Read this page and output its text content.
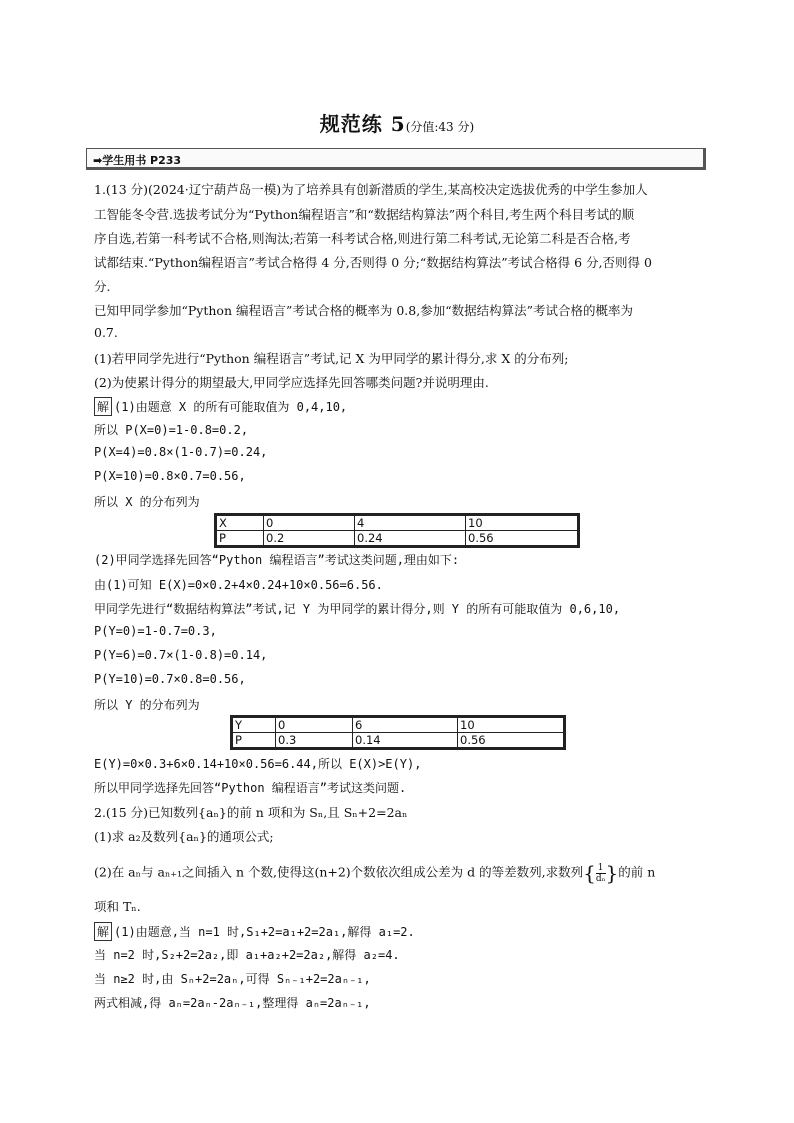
规范练 5(分值:43 分)
➡学生用书 P233
1.(13 分)(2024·辽宁葫芦岛一模)为了培养具有创新潜质的学生,某高校决定选拔优秀的中学生参加人
工智能冬令营.选拔考试分为“Python编程语言”和“数据结构算法”两个科目,考生两个科目考试的顺
序自选,若第一科考试不合格,则淘汰;若第一科考试合格,则进行第二科考试,无论第二科是否合格,考
试都结束.“Python编程语言”考试合格得 4 分,否则得 0 分;“数据结构算法”考试合格得 6 分,否则得 0
分.
已知甲同学参加“Python 编程语言”考试合格的概率为 0.8,参加“数据结构算法”考试合格的概率为
0.7.
(1)若甲同学先进行“Python 编程语言”考试,记 X 为甲同学的累计得分,求 X 的分布列;
(2)为使累计得分的期望最大,甲同学应选择先回答哪类问题?并说明理由.
解 (1)由题意 X 的所有可能取值为 0,4,10,
所以 P(X=0)=1-0.8=0.2,
P(X=4)=0.8×(1-0.7)=0.24,
P(X=10)=0.8×0.7=0.56,
所以 X 的分布列为
X	0	4	10
P	0.2	0.24	0.56
(2)甲同学选择先回答“Python 编程语言”考试这类问题,理由如下:
由(1)可知 E(X)=0×0.2+4×0.24+10×0.56=6.56.
甲同学先进行“数据结构算法”考试,记 Y 为甲同学的累计得分,则 Y 的所有可能取值为 0,6,10,
P(Y=0)=1-0.7=0.3,
P(Y=6)=0.7×(1-0.8)=0.14,
P(Y=10)=0.7×0.8=0.56,
所以 Y 的分布列为
Y	0	6	10
P	0.3	0.14	0.56
E(Y)=0×0.3+6×0.14+10×0.56=6.44,所以 E(X)>E(Y),
所以甲同学选择先回答“Python 编程语言”考试这类问题.
2.(15 分)已知数列{aₙ}的前 n 项和为 Sₙ,且 Sₙ+2=2aₙ
(1)求 a₂及数列{aₙ}的通项公式;
(2)在 aₙ与 aₙ₊₁之间插入 n 个数,使得这(n+2)个数依次组成公差为 d 的等差数列,求数列{ $\frac{1}{\text{dₙ}}$ }的前 n
项和 Tₙ.
解 (1)由题意,当 n=1 时,S₁+2=a₁+2=2a₁,解得 a₁=2.
当 n=2 时,S₂+2=2a₂,即 a₁+a₂+2=2a₂,解得 a₂=4.
当 n≥2 时,由 Sₙ+2=2aₙ,可得 Sₙ₋₁+2=2aₙ₋₁,
两式相减,得 aₙ=2aₙ-2aₙ₋₁,整理得 aₙ=2aₙ₋₁,
